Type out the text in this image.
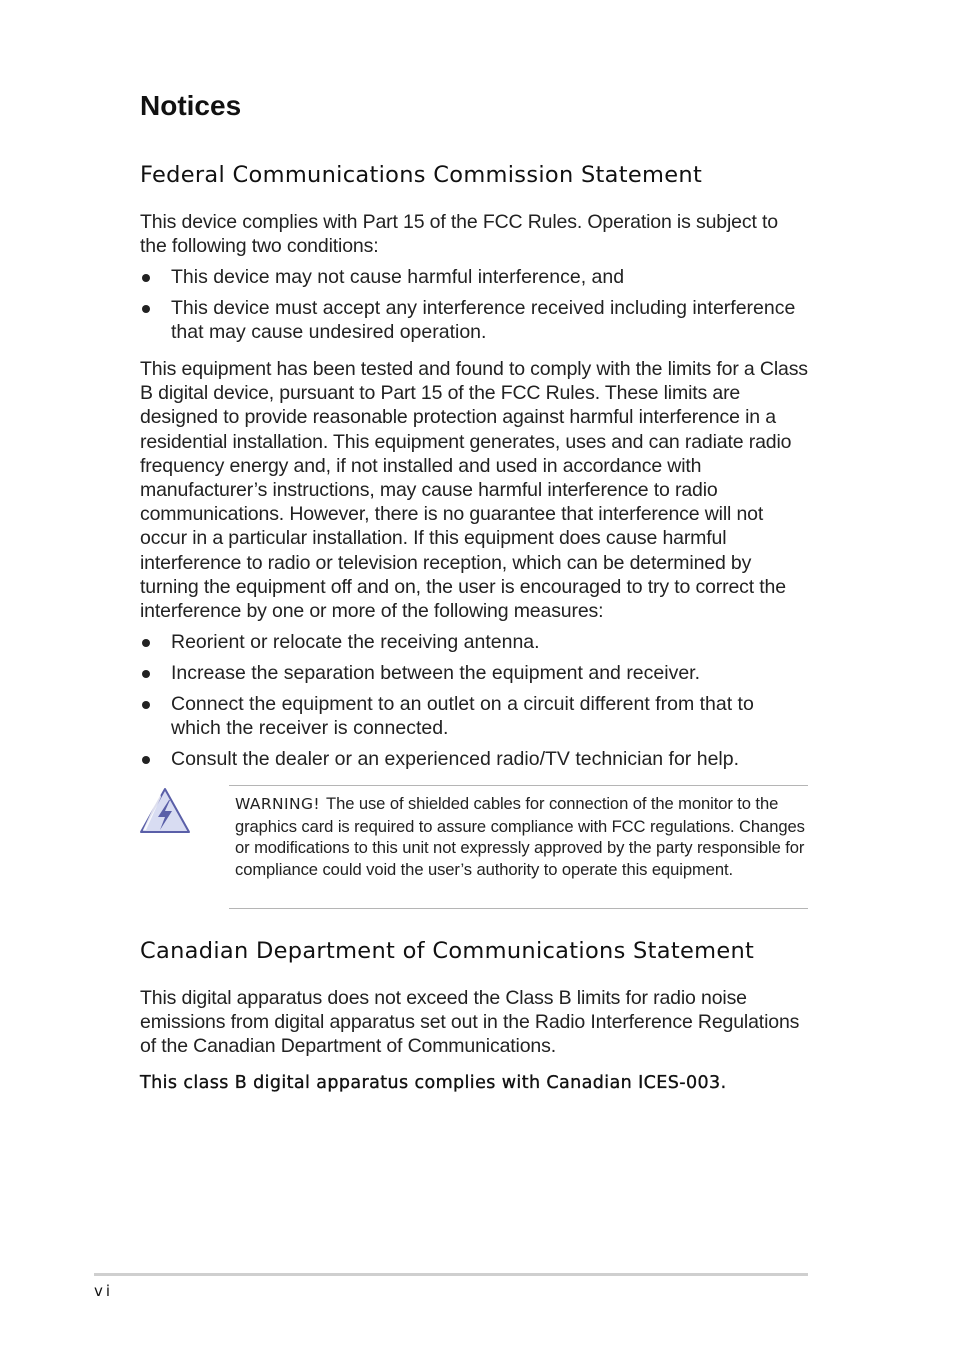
Notices
Federal Communications Commission Statement

This device complies with Part 15 of the FCC Rules. Operation is subject to the following two conditions:

This device may not cause harmful interference, and
This device must accept any interference received including interference that may cause undesired operation.

This equipment has been tested and found to comply with the limits for a Class B digital device, pursuant to Part 15 of the FCC Rules. These limits are designed to provide reasonable protection against harmful interference in a residential installation. This equipment generates, uses and can radiate radio frequency energy and, if not installed and used in accordance with manufacturer’s instructions, may cause harmful interference to radio communications. However, there is no guarantee that interference will not occur in a particular installation. If this equipment does cause harmful interference to radio or television reception, which can be determined by turning the equipment off and on, the user is encouraged to try to correct the interference by one or more of the following measures:

Reorient or relocate the receiving antenna.
Increase the separation between the equipment and receiver.
Connect the equipment to an outlet on a circuit different from that to which the receiver is connected.
Consult the dealer or an experienced radio/TV technician for help.

WARNING! The use of shielded cables for connection of the monitor to the graphics card is required to assure compliance with FCC regulations. Changes or modifications to this unit not expressly approved by the party responsible for compliance could void the user’s authority to operate this equipment.

Canadian Department of Communications Statement

This digital apparatus does not exceed the Class B limits for radio noise emissions from digital apparatus set out in the Radio Interference Regulations of the Canadian Department of Communications.

This class B digital apparatus complies with Canadian ICES-003.

vi
